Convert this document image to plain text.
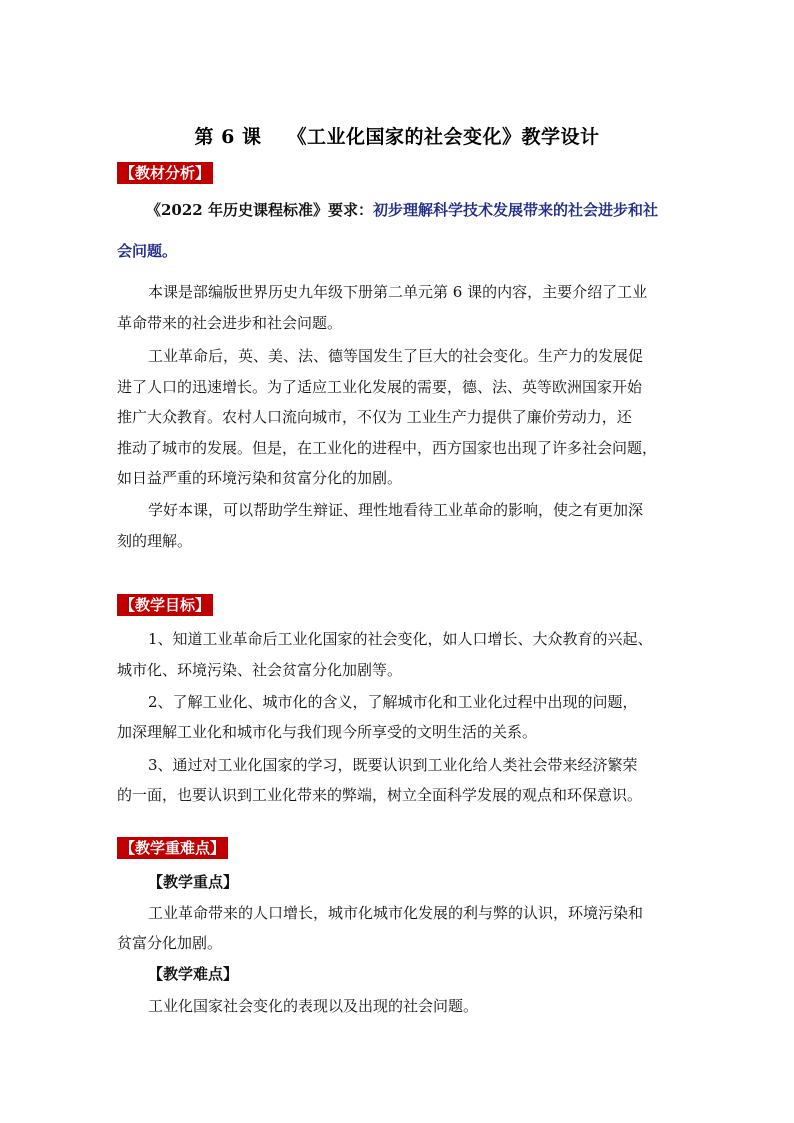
第 6 课 《工业化国家的社会变化》教学设计
【教材分析】
《2022 年历史课程标准》要求：初步理解科学技术发展带来的社会进步和社
会问题。
本课是部编版世界历史九年级下册第二单元第 6 课的内容，主要介绍了工业
革命带来的社会进步和社会问题。
工业革命后，英、美、法、德等国发生了巨大的社会变化。生产力的发展促
进了人口的迅速增长。为了适应工业化发展的需要，德、法、英等欧洲国家开始
推广大众教育。农村人口流向城市，不仅为 工业生产力提供了廉价劳动力，还
推动了城市的发展。但是，在工业化的进程中，西方国家也出现了许多社会问题，
如日益严重的环境污染和贫富分化的加剧。
学好本课，可以帮助学生辩证、理性地看待工业革命的影响，使之有更加深
刻的理解。
【教学目标】
1、知道工业革命后工业化国家的社会变化，如人口增长、大众教育的兴起、
城市化、环境污染、社会贫富分化加剧等。
2、了解工业化、城市化的含义，了解城市化和工业化过程中出现的问题，
加深理解工业化和城市化与我们现今所享受的文明生活的关系。
3、通过对工业化国家的学习，既要认识到工业化给人类社会带来经济繁荣
的一面，也要认识到工业化带来的弊端，树立全面科学发展的观点和环保意识。
【教学重难点】
【教学重点】
工业革命带来的人口增长，城市化城市化发展的利与弊的认识，环境污染和
贫富分化加剧。
【教学难点】
工业化国家社会变化的表现以及出现的社会问题。
